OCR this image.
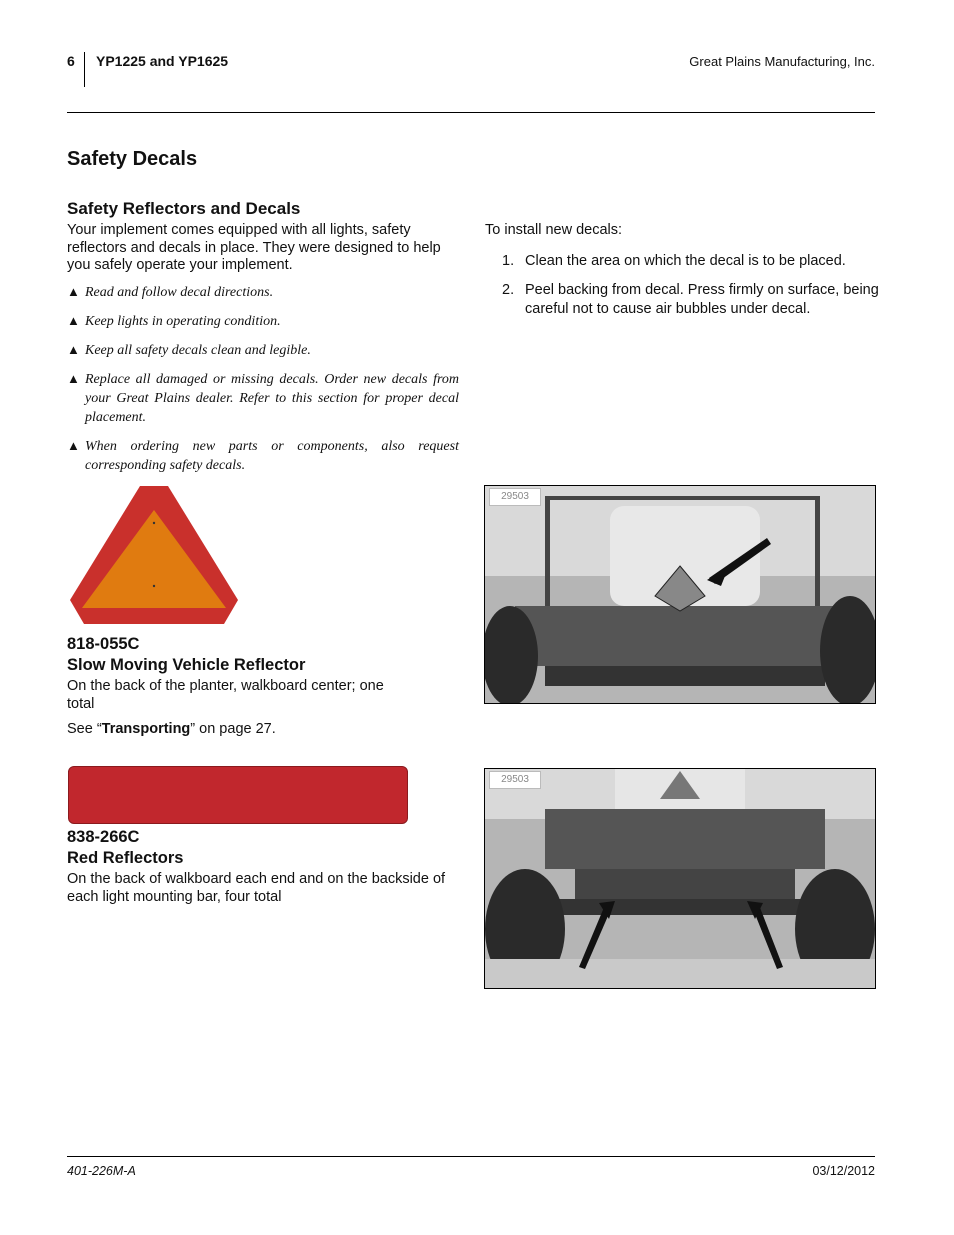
6 YP1225 and YP1625	Great Plains Manufacturing, Inc.
Safety Decals
Safety Reflectors and Decals
Your implement comes equipped with all lights, safety reflectors and decals in place. They were designed to help you safely operate your implement.
▲ Read and follow decal directions.
▲ Keep lights in operating condition.
▲ Keep all safety decals clean and legible.
▲ Replace all damaged or missing decals. Order new decals from your Great Plains dealer. Refer to this section for proper decal placement.
▲ When ordering new parts or components, also request corresponding safety decals.
To install new decals:
1. Clean the area on which the decal is to be placed.
2. Peel backing from decal. Press firmly on surface, being careful not to cause air bubbles under decal.
818-055C
Slow Moving Vehicle Reflector
On the back of the planter, walkboard center; one total
See “Transporting” on page 27.
838-266C
Red Reflectors
On the back of walkboard each end and on the backside of each light mounting bar, four total
29503
29503
401-226M-A	03/12/2012
